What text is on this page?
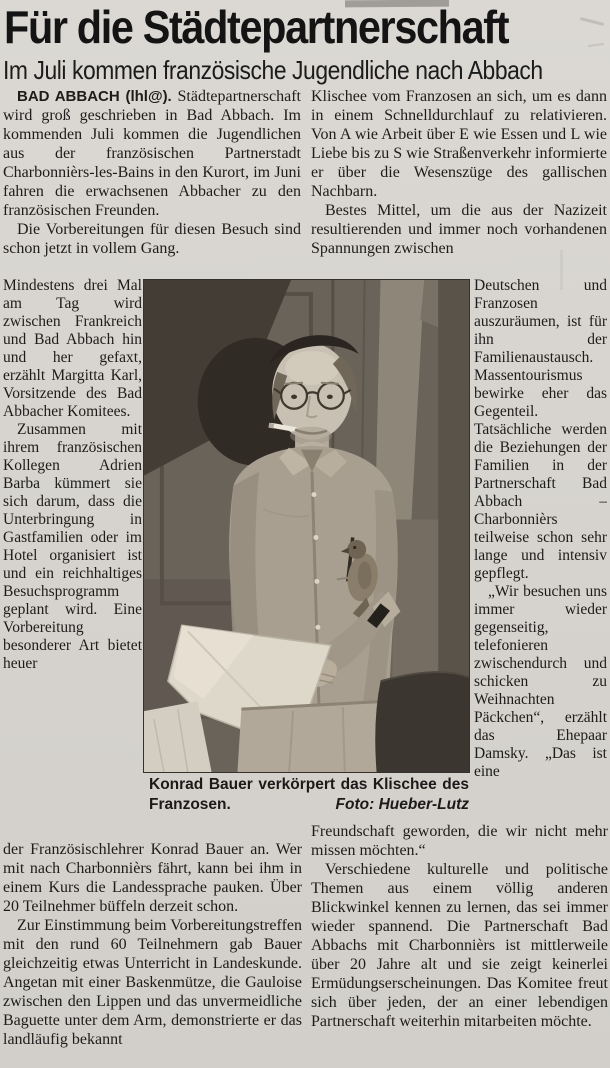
Für die Städtepartnerschaft
Im Juli kommen französische Jugendliche nach Abbach

BAD ABBACH (lhl@). Städtepartnerschaft wird groß geschrieben in Bad Abbach. Im kommenden Juli kommen die Jugendlichen aus der französischen Partnerstadt Charbonnièrs-les-Bains in den Kurort, im Juni fahren die erwachsenen Abbacher zu den französischen Freunden.

Die Vorbereitungen für diesen Besuch sind schon jetzt in vollem Gang.

Mindestens drei Mal am Tag wird zwischen Frankreich und Bad Abbach hin und her gefaxt, erzählt Margitta Karl, Vorsitzende des Bad Abbacher Komitees.

Zusammen mit ihrem französischen Kollegen Adrien Barba kümmert sie sich darum, dass die Unterbringung in Gastfamilien oder im Hotel organisiert ist und ein reichhaltiges Besuchsprogramm geplant wird. Eine Vorbereitung besonderer Art bietet heuer

der Französischlehrer Konrad Bauer an. Wer mit nach Charbonnièrs fährt, kann bei ihm in einem Kurs die Landessprache pauken. Über 20 Teilnehmer büffeln derzeit schon.

Zur Einstimmung beim Vorbereitungstreffen mit den rund 60 Teilnehmern gab Bauer gleichzeitig etwas Unterricht in Landeskunde. Angetan mit einer Baskenmütze, die Gauloise zwischen den Lippen und das unvermeidliche Baguette unter dem Arm, demonstrierte er das landläufig bekannt

Klischee vom Franzosen an sich, um es dann in einem Schnelldurchlauf zu relativieren. Von A wie Arbeit über E wie Essen und L wie Liebe bis zu S wie Straßenverkehr informierte er über die Wesenszüge des gallischen Nachbarn.

Bestes Mittel, um die aus der Nazizeit resultierenden und immer noch vorhandenen Spannungen zwischen

Deutschen und Franzosen auszuräumen, ist für ihn der Familienaustausch. Massentourismus bewirke eher das Gegenteil. Tatsächliche werden die Beziehungen der Familien in der Partnerschaft Bad Abbach – Charbonnièrs teilweise schon sehr lange und intensiv gepflegt.

„Wir besuchen uns immer wieder gegenseitig, telefonieren zwischendurch und schicken zu Weihnachten Päckchen“, erzählt das Ehepaar Damsky. „Das ist eine

Freundschaft geworden, die wir nicht mehr missen möchten.“

Verschiedene kulturelle und politische Themen aus einem völlig anderen Blickwinkel kennen zu lernen, das sei immer wieder spannend. Die Partnerschaft Bad Abbachs mit Charbonnièrs ist mittlerweile über 20 Jahre alt und sie zeigt keinerlei Ermüdungserscheinungen. Das Komitee freut sich über jeden, der an einer lebendigen Partnerschaft weiterhin mitarbeiten möchte.

Konrad Bauer verkörpert das Klischee des
Franzosen.	Foto: Hueber-Lutz
